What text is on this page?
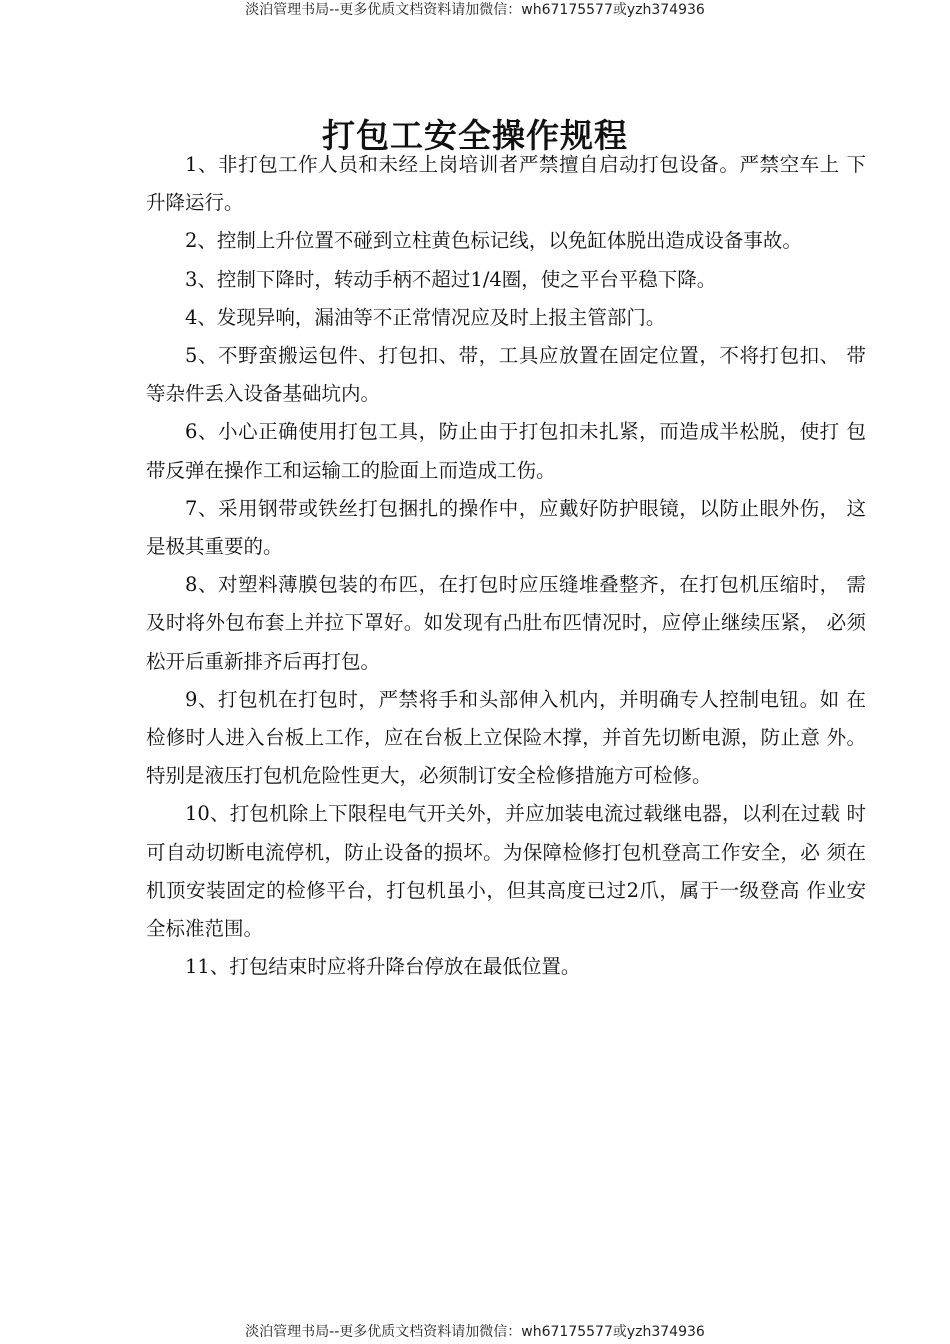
淡泊管理书局--更多优质文档资料请加微信：wh67175577或yzh374936
打包工安全操作规程

1、非打包工作人员和未经上岗培训者严禁擅自启动打包设备。严禁空车上 下升降运行。

2、控制上升位置不碰到立柱黄色标记线，以免缸体脱出造成设备事故。

3、控制下降时，转动手柄不超过1/4圈，使之平台平稳下降。

4、发现异响，漏油等不正常情况应及时上报主管部门。

5、不野蛮搬运包件、打包扣、带，工具应放置在固定位置，不将打包扣、 带等杂件丢入设备基础坑内。

6、小心正确使用打包工具，防止由于打包扣未扎紧，而造成半松脱，使打 包带反弹在操作工和运输工的脸面上而造成工伤。

7、采用钢带或铁丝打包捆扎的操作中，应戴好防护眼镜，以防止眼外伤， 这是极其重要的。

8、对塑料薄膜包装的布匹，在打包时应压缝堆叠整齐，在打包机压缩时， 需及时将外包布套上并拉下罩好。如发现有凸肚布匹情况时，应停止继续压紧， 必须松开后重新排齐后再打包。

9、打包机在打包时，严禁将手和头部伸入机内，并明确专人控制电钮。如 在检修时人进入台板上工作，应在台板上立保险木撑，并首先切断电源，防止意 外。特别是液压打包机危险性更大，必须制订安全检修措施方可检修。

10、打包机除上下限程电气开关外，并应加装电流过载继电器，以利在过载 时可自动切断电流停机，防止设备的损坏。为保障检修打包机登高工作安全，必 须在机顶安装固定的检修平台，打包机虽小，但其高度已过2爪，属于一级登高 作业安全标准范围。

11、打包结束时应将升降台停放在最低位置。

淡泊管理书局--更多优质文档资料请加微信：wh67175577或yzh374936
